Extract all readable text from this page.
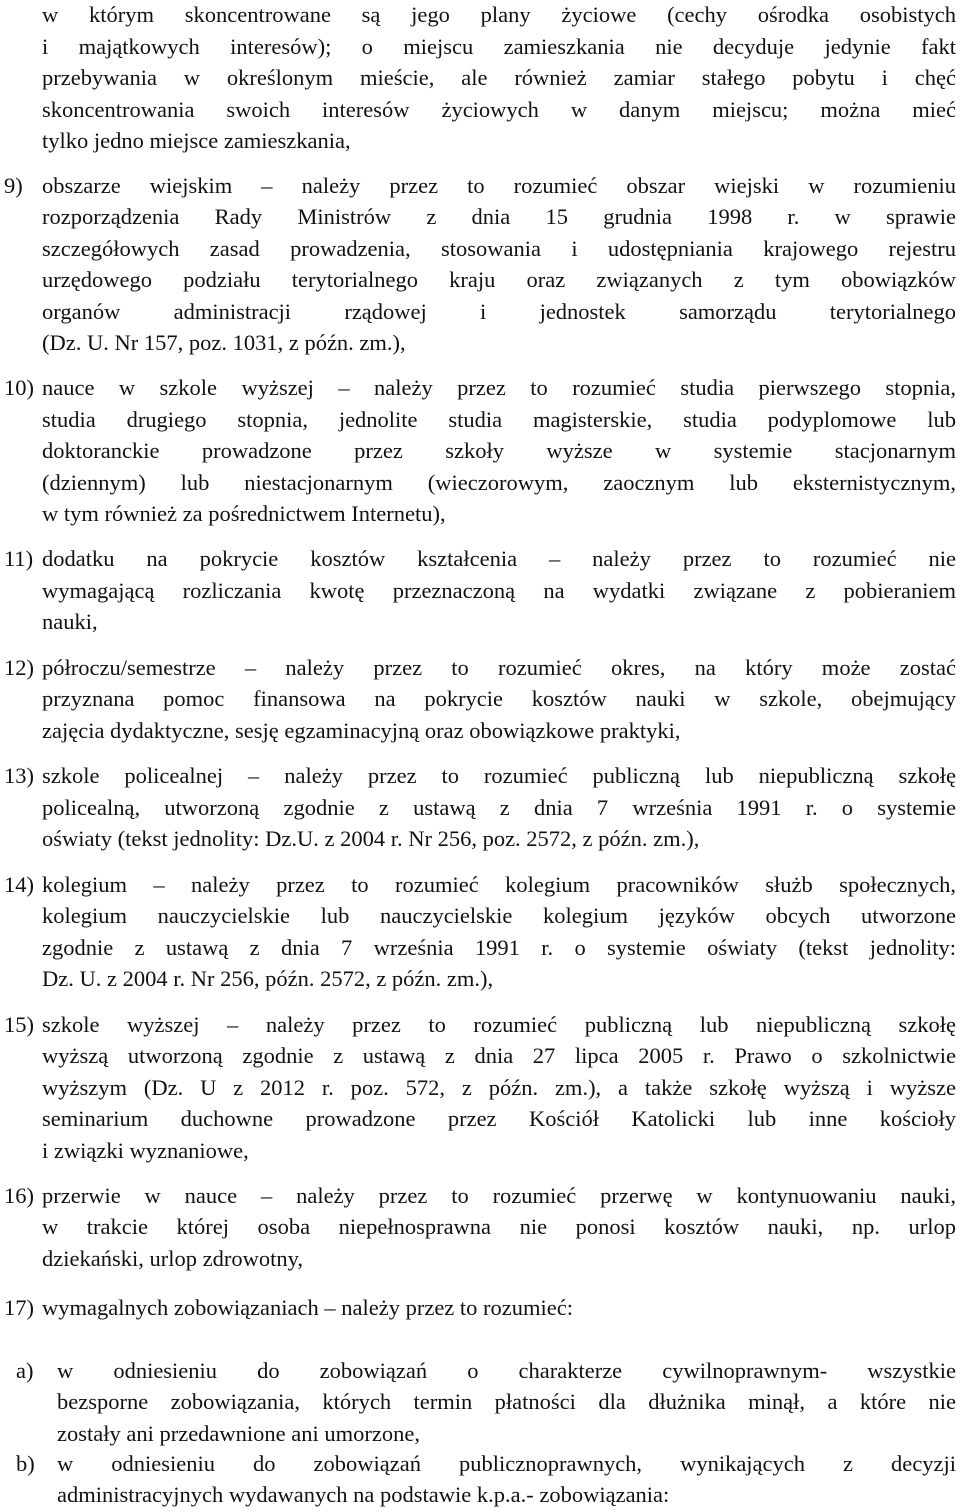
w którym skoncentrowane są jego plany życiowe (cechy ośrodka osobistych
i majątkowych interesów); o miejscu zamieszkania nie decyduje jedynie fakt
przebywania w określonym mieście, ale również zamiar stałego pobytu i chęć
skoncentrowania swoich interesów życiowych w danym miejscu; można mieć
tylko jedno miejsce zamieszkania,
9) obszarze wiejskim – należy przez to rozumieć obszar wiejski w rozumieniu
rozporządzenia Rady Ministrów z dnia 15 grudnia 1998 r. w sprawie
szczegółowych zasad prowadzenia, stosowania i udostępniania krajowego rejestru
urzędowego podziału terytorialnego kraju oraz związanych z tym obowiązków
organów administracji rządowej i jednostek samorządu terytorialnego
(Dz. U. Nr 157, poz. 1031, z późn. zm.),
10) nauce w szkole wyższej – należy przez to rozumieć studia pierwszego stopnia,
studia drugiego stopnia, jednolite studia magisterskie, studia podyplomowe lub
doktoranckie prowadzone przez szkoły wyższe w systemie stacjonarnym
(dziennym) lub niestacjonarnym (wieczorowym, zaocznym lub eksternistycznym,
w tym również za pośrednictwem Internetu),
11) dodatku na pokrycie kosztów kształcenia – należy przez to rozumieć nie
wymagającą rozliczania kwotę przeznaczoną na wydatki związane z pobieraniem
nauki,
12) półroczu/semestrze – należy przez to rozumieć okres, na który może zostać
przyznana pomoc finansowa na pokrycie kosztów nauki w szkole, obejmujący
zajęcia dydaktyczne, sesję egzaminacyjną oraz obowiązkowe praktyki,
13) szkole policealnej – należy przez to rozumieć publiczną lub niepubliczną szkołę
policealną, utworzoną zgodnie z ustawą z dnia 7 września 1991 r. o systemie
oświaty (tekst jednolity: Dz.U. z 2004 r. Nr 256, poz. 2572, z późn. zm.),
14) kolegium – należy przez to rozumieć kolegium pracowników służb społecznych,
kolegium nauczycielskie lub nauczycielskie kolegium języków obcych utworzone
zgodnie z ustawą z dnia 7 września 1991 r. o systemie oświaty (tekst jednolity:
Dz. U. z 2004 r. Nr 256, późn. 2572, z późn. zm.),
15) szkole wyższej – należy przez to rozumieć publiczną lub niepubliczną szkołę
wyższą utworzoną zgodnie z ustawą z dnia 27 lipca 2005 r. Prawo o szkolnictwie
wyższym (Dz. U z 2012 r. poz. 572, z późn. zm.), a także szkołę wyższą i wyższe
seminarium duchowne prowadzone przez Kościół Katolicki lub inne kościoły
i związki wyznaniowe,
16) przerwie w nauce – należy przez to rozumieć przerwę w kontynuowaniu nauki,
w trakcie której osoba niepełnosprawna nie ponosi kosztów nauki, np. urlop
dziekański, urlop zdrowotny,
17) wymagalnych zobowiązaniach – należy przez to rozumieć:
a) w odniesieniu do zobowiązań o charakterze cywilnoprawnym- wszystkie
bezsporne zobowiązania, których termin płatności dla dłużnika minął, a które nie
zostały ani przedawnione ani umorzone,
b) w odniesieniu do zobowiązań publicznoprawnych, wynikających z decyzji
administracyjnych wydawanych na podstawie k.p.a.- zobowiązania:
